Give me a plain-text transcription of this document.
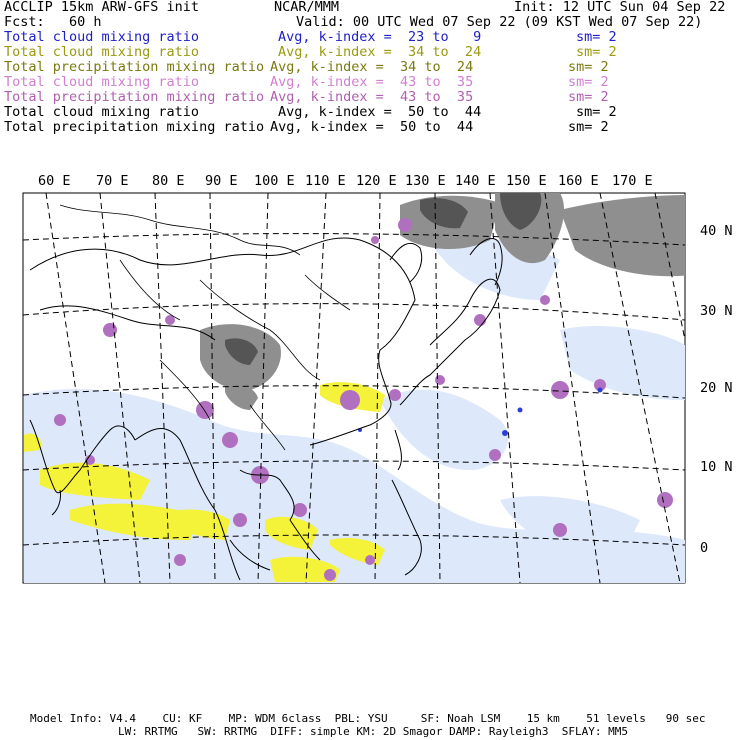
ACCLIP 15km ARW-GFS init	NCAR/MMM	Init: 12 UTC Sun 04 Sep 22
Fcst:   60 h	Valid: 00 UTC Wed 07 Sep 22 (09 KST Wed 07 Sep 22)
Total cloud mixing ratio	Avg, k-index =  23 to   9	sm= 2
Total cloud mixing ratio	Avg, k-index =  34 to  24	sm= 2
Total precipitation mixing ratio Avg, k-index =  34 to  24	sm= 2
Total cloud mixing ratio	Avg, k-index =  43 to  35	sm= 2
Total precipitation mixing ratio Avg, k-index =  43 to  35	sm= 2
Total cloud mixing ratio	Avg, k-index =  50 to  44	sm= 2
Total precipitation mixing ratio Avg, k-index =  50 to  44	sm= 2
60 E 70 E 80 E 90 E 100 E 110 E 120 E 130 E 140 E 150 E 160 E 170 E
40 N
30 N
20 N
10 N
0
Model Info: V4.4    CU: KF    MP: WDM 6class  PBL: YSU     SF: Noah LSM    15 km    51 levels   90 sec
LW: RRTMG   SW: RRTMG  DIFF: simple KM: 2D Smagor DAMP: Rayleigh3  SFLAY: MM5
